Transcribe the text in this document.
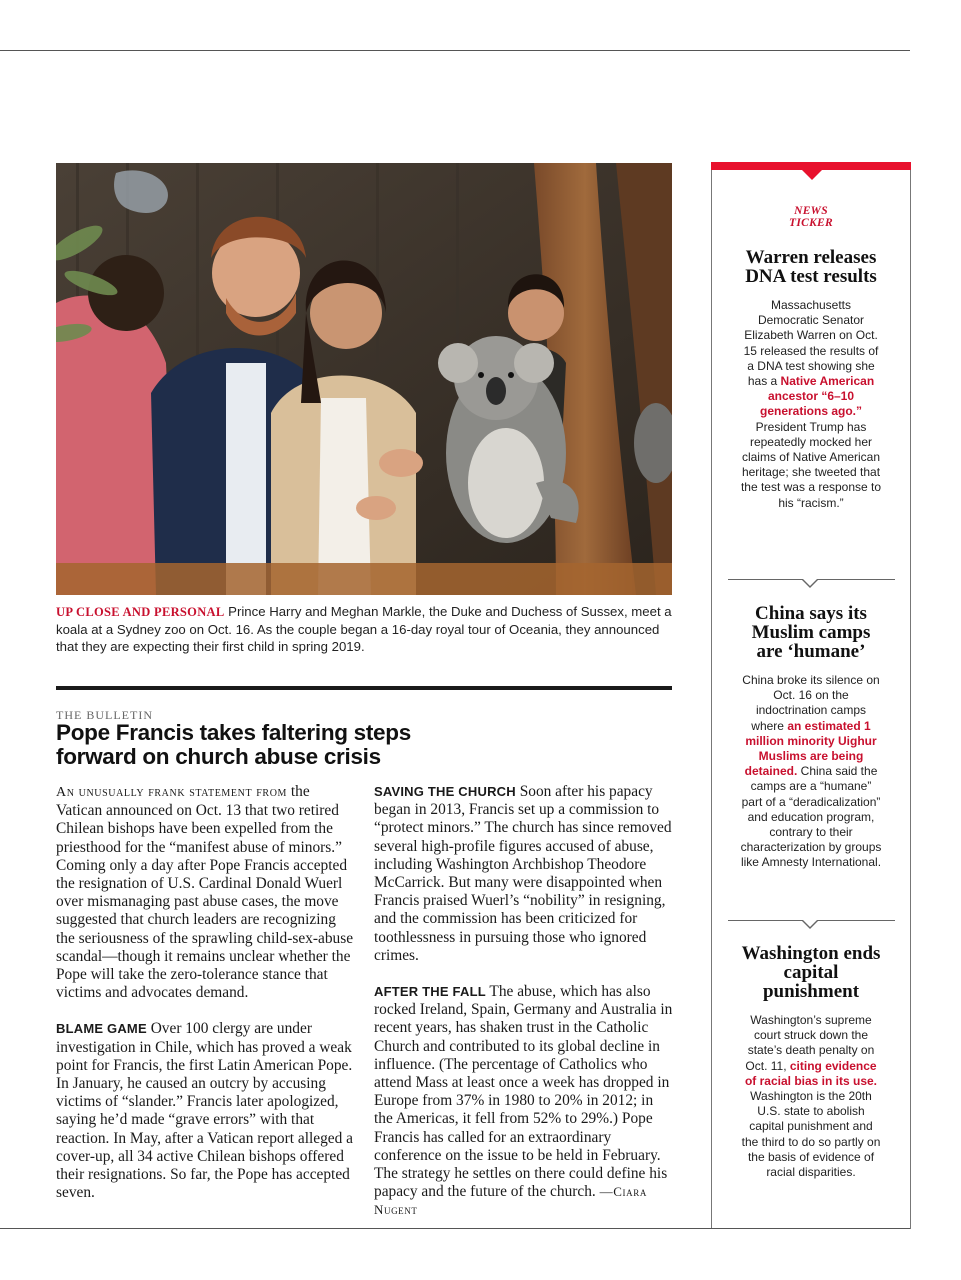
UP CLOSE AND PERSONAL Prince Harry and Meghan Markle, the Duke and Duchess of Sussex, meet a koala at a Sydney zoo on Oct. 16. As the couple began a 16-day royal tour of Oceania, they announced that they are expecting their first child in spring 2019.
THE BULLETIN
Pope Francis takes faltering steps forward on church abuse crisis

An unusually frank statement from the Vatican announced on Oct. 13 that two retired Chilean bishops have been expelled from the priesthood for the “manifest abuse of minors.” Coming only a day after Pope Francis accepted the resignation of U.S. Cardinal Donald Wuerl over mismanaging past abuse cases, the move suggested that church leaders are recognizing the seriousness of the sprawling child-sex-abuse scandal—though it remains unclear whether the Pope will take the zero-tolerance stance that victims and advocates demand.

BLAME GAME Over 100 clergy are under investigation in Chile, which has proved a weak point for Francis, the first Latin American Pope. In January, he caused an outcry by accusing victims of “slander.” Francis later apologized, saying he’d made “grave errors” with that reaction. In May, after a Vatican report alleged a cover-up, all 34 active Chilean bishops offered their resignations. So far, the Pope has accepted seven.

SAVING THE CHURCH Soon after his papacy began in 2013, Francis set up a commission to “protect minors.” The church has since removed several high-profile figures accused of abuse, including Washington Archbishop Theodore McCarrick. But many were disappointed when Francis praised Wuerl’s “nobility” in resigning, and the commission has been criticized for toothlessness in pursuing those who ignored crimes.

AFTER THE FALL The abuse, which has also rocked Ireland, Spain, Germany and Australia in recent years, has shaken trust in the Catholic Church and contributed to its global decline in influence. (The percentage of Catholics who attend Mass at least once a week has dropped in Europe from 37% in 1980 to 20% in 2012; in the Americas, it fell from 52% to 29%.) Pope Francis has called for an extraordinary conference on the issue to be held in February. The strategy he settles on there could define his papacy and the future of the church. —Ciara Nugent

NEWS TICKER
Warren releases DNA test results
Massachusetts Democratic Senator Elizabeth Warren on Oct. 15 released the results of a DNA test showing she has a Native American ancestor “6–10 generations ago.” President Trump has repeatedly mocked her claims of Native American heritage; she tweeted that the test was a response to his “racism.”
China says its Muslim camps are ‘humane’
China broke its silence on Oct. 16 on the indoctrination camps where an estimated 1 million minority Uighur Muslims are being detained. China said the camps are a “humane” part of a “deradicalization” and education program, contrary to their characterization by groups like Amnesty International.
Washington ends capital punishment
Washington’s supreme court struck down the state’s death penalty on Oct. 11, citing evidence of racial bias in its use. Washington is the 20th U.S. state to abolish capital punishment and the third to do so partly on the basis of evidence of racial disparities.
